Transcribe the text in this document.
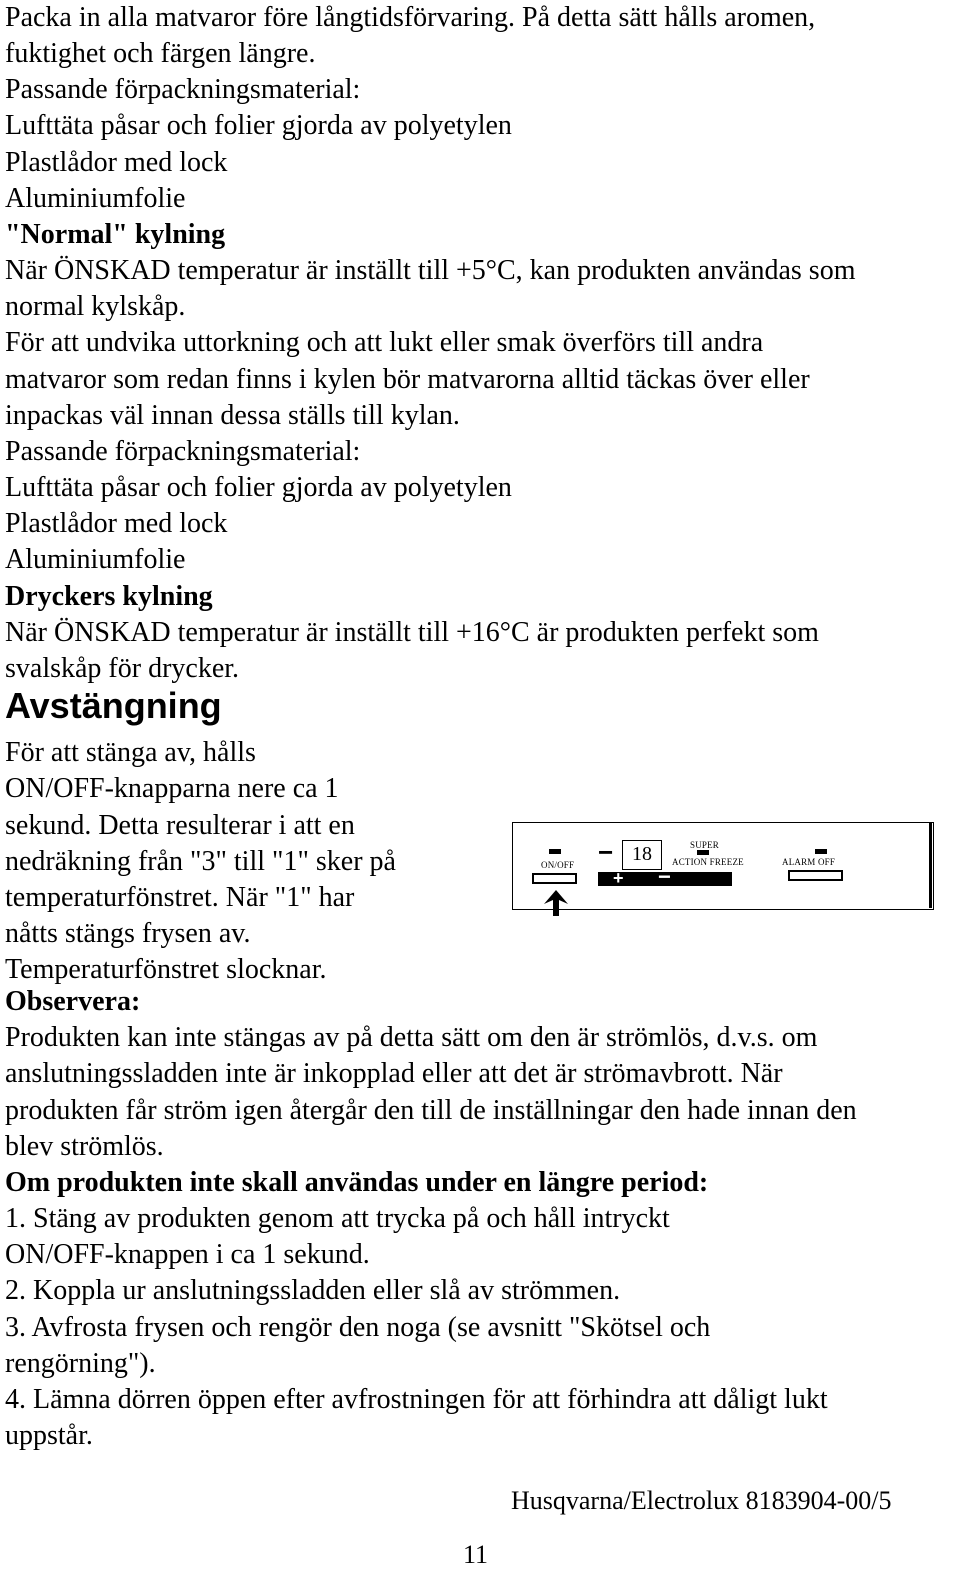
Packa in alla matvaror före långtidsförvaring. På detta sätt hålls aromen,

fuktighet och färgen längre.

Passande förpackningsmaterial:

Lufttäta påsar och folier gjorda av polyetylen

Plastlådor med lock

Aluminiumfolie

"Normal" kylning

När ÖNSKAD temperatur är inställt till +5°C, kan produkten användas som

normal kylskåp.

För att undvika uttorkning och att lukt eller smak överförs till andra

matvaror som redan finns i kylen bör matvarorna alltid täckas över eller

inpackas väl innan dessa ställs till kylan.

Passande förpackningsmaterial:

Lufttäta påsar och folier gjorda av polyetylen

Plastlådor med lock

Aluminiumfolie

Dryckers kylning

När ÖNSKAD temperatur är inställt till +16°C är produkten perfekt som

svalskåp för drycker.

Avstängning

För att stänga av, hålls

ON/OFF-knapparna nere ca 1

sekund. Detta resulterar i att en

nedräkning från "3" till "1" sker på

temperaturfönstret. När "1" har

nåtts stängs frysen av.

Temperaturfönstret slocknar.

ON/OFF − 18
+ −
SUPER
ACTION FREEZE	ALARM OFF

Observera:

Produkten kan inte stängas av på detta sätt om den är strömlös, d.v.s. om

anslutningssladden inte är inkopplad eller att det är strömavbrott. När

produkten får ström igen återgår den till de inställningar den hade innan den

blev strömlös.

Om produkten inte skall användas under en längre period:

1. Stäng av produkten genom att trycka på och håll intryckt

ON/OFF-knappen i ca 1 sekund.

2. Koppla ur anslutningssladden eller slå av strömmen.

3. Avfrosta frysen och rengör den noga (se avsnitt "Skötsel och

rengörning").

4. Lämna dörren öppen efter avfrostningen för att förhindra att dåligt lukt

uppstår.

Husqvarna/Electrolux 8183904-00/5
11
